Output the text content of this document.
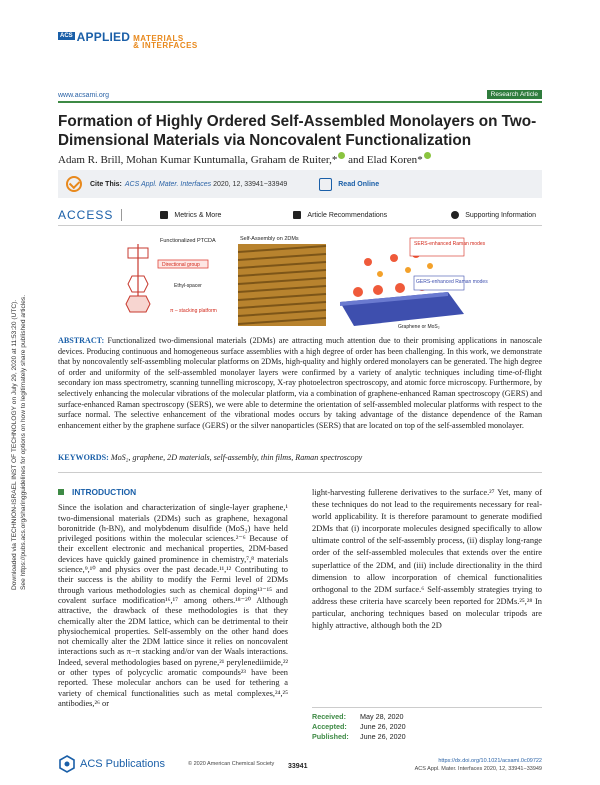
Downloaded via TECHNION-ISRAEL INST OF TECHNOLOGY on July 29, 2020 at 11:53:20 (UTC). See https://pubs.acs.org/sharingguidelines for options on how to legitimately share published articles.
ACS APPLIED MATERIALS
& INTERFACES
www.acsami.org	Research Article
Formation of Highly Ordered Self-Assembled Monolayers on Two-Dimensional Materials via Noncovalent Functionalization
Adam R. Brill, Mohan Kumar Kuntumalla, Graham de Ruiter,* and Elad Koren*
Cite This: ACS Appl. Mater. Interfaces 2020, 12, 33941−33949	Read Online
ACCESS	Metrics & More	Article Recommendations	Supporting Information
Functionalized PTCDA
Directional group
Ethyl-spacer
π – stacking platform
Self-Assembly on 2DMs
SERS-enhanced Raman modes
GERS-enhanced Raman modes
Graphene or MoS₂

ABSTRACT: Functionalized two-dimensional materials (2DMs) are attracting much attention due to their promising applications in nanoscale devices. Producing continuous and homogeneous surface assemblies with a high degree of order has been challenging. In this work, we demonstrate that by noncovalently self-assembling molecular platforms on 2DMs, high-quality and highly ordered monolayers can be generated. The high degree of order and uniformity of the self-assembled monolayer layers were confirmed by a variety of analytic techniques including time-of-flight secondary ion mass spectrometry, scanning tunnelling microscopy, X-ray photoelectron spectroscopy, and atomic force microscopy. Furthermore, by selectively enhancing the molecular vibrations of the molecular platform, via a combination of graphene-enhanced Raman spectroscopy (GERS) and surface-enhanced Raman spectroscopy (SERS), we were able to determine the orientation of self-assembled molecular platforms with respect to the surface normal. The selective enhancement of the vibrational modes occurs by taking advantage of the distance dependence of the Raman enhancement either by the graphene surface (GERS) or the silver nanoparticles (SERS) that are located on top of the self-assembled monolayer.

KEYWORDS: MoS₂, graphene, 2D materials, self-assembly, thin films, Raman spectroscopy

INTRODUCTION

Since the isolation and characterization of single-layer graphene,¹ two-dimensional materials (2DMs) such as graphene, hexagonal boronitride (h-BN), and molybdenum disulfide (MoS₂) have held privileged positions within the molecular sciences.²⁻⁶ Because of their excellent electronic and mechanical properties, 2DM-based devices have quickly gained prominence in chemistry,⁷,⁸ materials science,⁹,¹⁰ and physics over the past decade.¹¹,¹² Contributing to their success is the ability to modify the Fermi level of 2DMs through various methodologies such as chemical doping¹³⁻¹⁵ and covalent surface modification¹⁶,¹⁷ among others.¹⁸⁻²⁰ Although attractive, the drawback of these methodologies is that they chemically alter the 2DM lattice, which can be detrimental to their physiochemical properties. Self-assembly on the other hand does not chemically alter the 2DM lattice since it relies on noncovalent interactions such as π−π stacking and/or van der Waals interactions. Indeed, several methodologies based on pyrene,²¹ perylenediimide,²² or other types of polycyclic aromatic compounds²³ have been reported. These molecular anchors can be used for tethering a variety of chemical functionalities such as metal complexes,²⁴,²⁵ antibodies,²⁶ or

light-harvesting fullerene derivatives to the surface.²⁷ Yet, many of these techniques do not lead to the requirements necessary for real-world applicability. It is therefore paramount to generate modified 2DMs that (i) incorporate molecules designed specifically to allow ultimate control of the self-assembly process, (ii) display long-range order of the self-assembled molecules that extends over the entire superlattice of the 2DM, and (iii) include directionality in the third dimension to allow incorporation of chemical functionalities orthogonal to the 2DM surface.⁶ Self-assembly strategies trying to address these criteria have scarcely been reported for 2DMs.²⁵,²⁸ In particular, anchoring techniques based on molecular tripods are highly attractive, although both the 2D

Received:	May 28, 2020
Accepted:	June 26, 2020
Published:	June 26, 2020
ACS Publications	© 2020 American Chemical Society 33941
https://dx.doi.org/10.1021/acsami.0c09722
ACS Appl. Mater. Interfaces 2020, 12, 33941−33949
